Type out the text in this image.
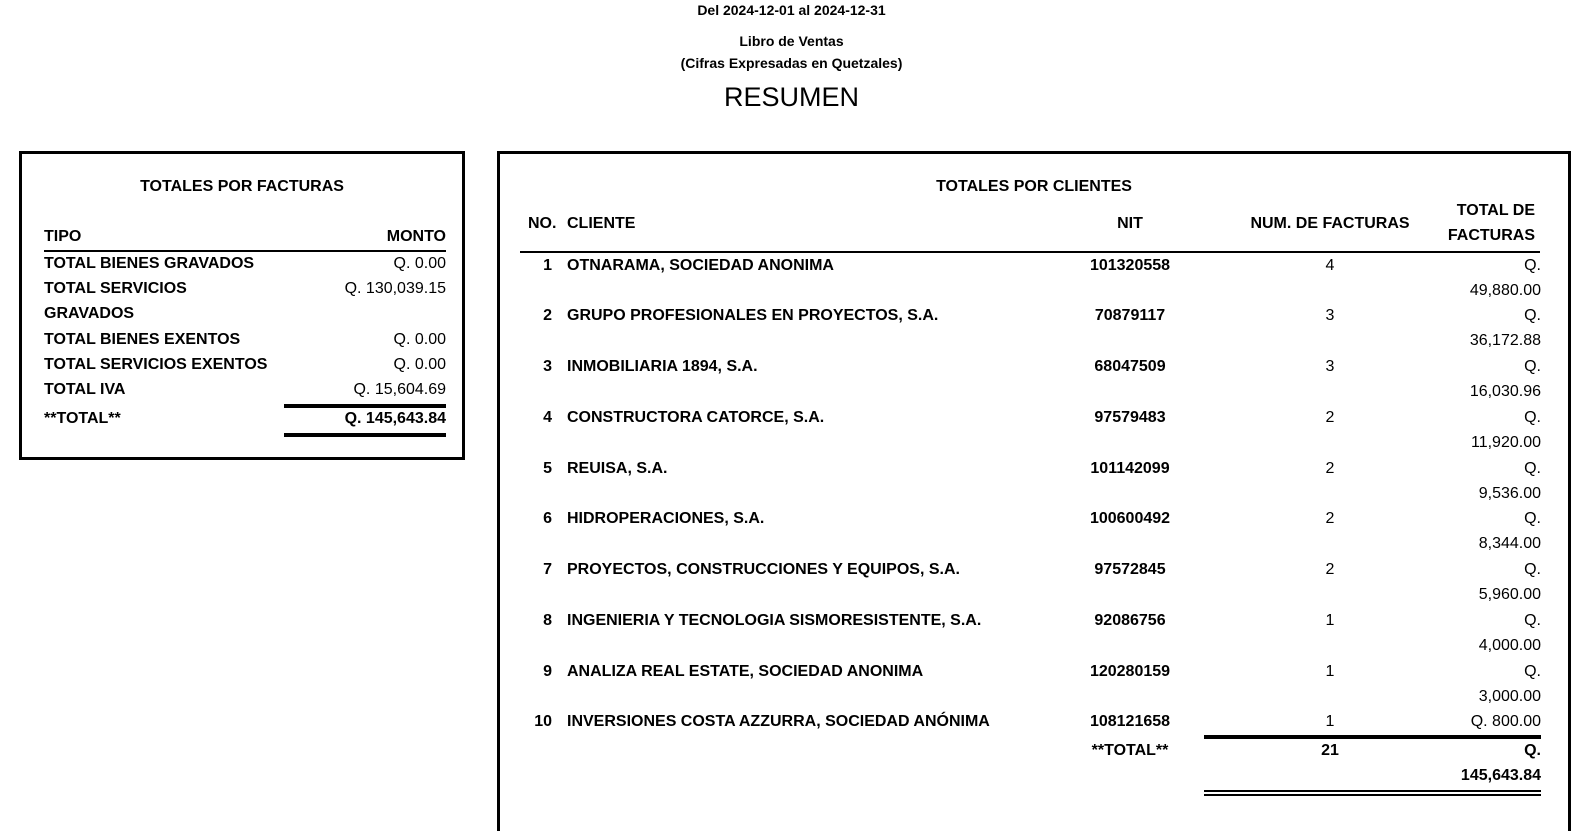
Del 2024-12-01 al 2024-12-31
Libro de Ventas
(Cifras Expresadas en Quetzales)
RESUMEN
TOTALES POR FACTURAS
TIPO	MONTO
TOTAL BIENES GRAVADOS	Q. 0.00
TOTAL SERVICIOS GRAVADOS
Q. 130,039.15
TOTAL BIENES EXENTOS	Q. 0.00
TOTAL SERVICIOS EXENTOS	Q. 0.00
TOTAL IVA	Q. 15,604.69
**TOTAL**	Q. 145,643.84
TOTALES POR CLIENTES
NO. CLIENTE	NIT	NUM. DE FACTURAS
TOTAL DE
FACTURAS
1 OTNARAMA, SOCIEDAD ANONIMA	101320558	4	Q.
49,880.00
2 GRUPO PROFESIONALES EN PROYECTOS, S.A.	70879117	3	Q.
36,172.88
3 INMOBILIARIA 1894, S.A.	68047509	3	Q.
16,030.96
4 CONSTRUCTORA CATORCE, S.A.	97579483	2	Q.
11,920.00
5 REUISA, S.A.	101142099	2	Q.
9,536.00
6 HIDROPERACIONES, S.A.	100600492	2	Q.
8,344.00
7 PROYECTOS, CONSTRUCCIONES Y EQUIPOS, S.A.	97572845	2	Q.
5,960.00
8 INGENIERIA Y TECNOLOGIA SISMORESISTENTE, S.A.	92086756	1	Q.
4,000.00
9 ANALIZA REAL ESTATE, SOCIEDAD ANONIMA	120280159	1	Q.
3,000.00
10 INVERSIONES COSTA AZZURRA, SOCIEDAD ANÓNIMA	108121658	1	Q. 800.00
**TOTAL**	21	Q.
145,643.84
